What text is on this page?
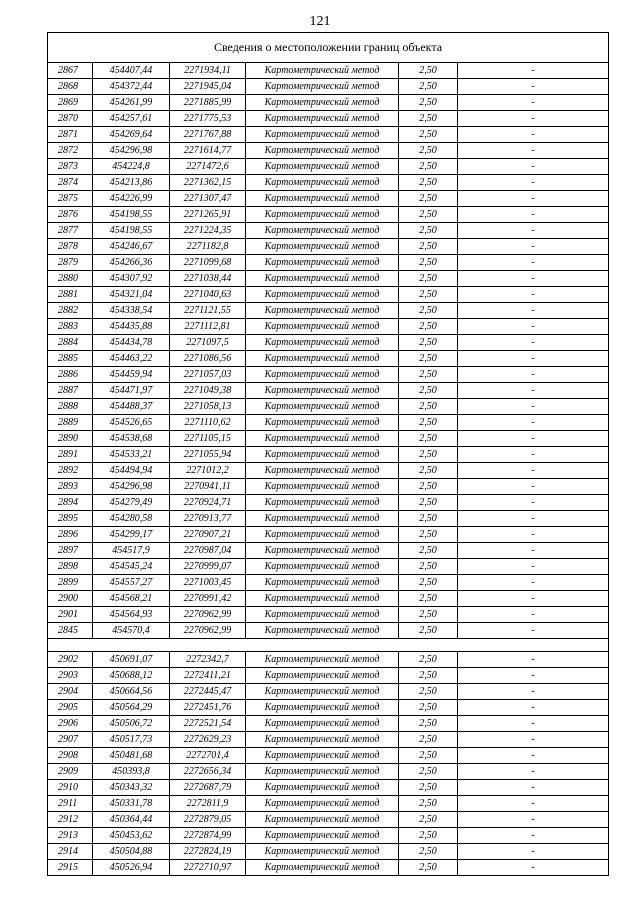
121
Сведения о местоположении границ объекта					
2867	454407,44	2271934,11	Картометрический метод	2,50	-
2868	454372,44	2271945,04	Картометрический метод	2,50	-
2869	454261,99	2271885,99	Картометрический метод	2,50	-
2870	454257,61	2271775,53	Картометрический метод	2,50	-
2871	454269,64	2271767,88	Картометрический метод	2,50	-
2872	454296,98	2271614,77	Картометрический метод	2,50	-
2873	454224,8	2271472,6	Картометрический метод	2,50	-
2874	454213,86	2271362,15	Картометрический метод	2,50	-
2875	454226,99	2271307,47	Картометрический метод	2,50	-
2876	454198,55	2271265,91	Картометрический метод	2,50	-
2877	454198,55	2271224,35	Картометрический метод	2,50	-
2878	454246,67	2271182,8	Картометрический метод	2,50	-
2879	454266,36	2271099,68	Картометрический метод	2,50	-
2880	454307,92	2271038,44	Картометрический метод	2,50	-
2881	454321,04	2271040,63	Картометрический метод	2,50	-
2882	454338,54	2271121,55	Картометрический метод	2,50	-
2883	454435,88	2271112,81	Картометрический метод	2,50	-
2884	454434,78	2271097,5	Картометрический метод	2,50	-
2885	454463,22	2271086,56	Картометрический метод	2,50	-
2886	454459,94	2271057,03	Картометрический метод	2,50	-
2887	454471,97	2271049,38	Картометрический метод	2,50	-
2888	454488,37	2271058,13	Картометрический метод	2,50	-
2889	454526,65	2271110,62	Картометрический метод	2,50	-
2890	454538,68	2271105,15	Картометрический метод	2,50	-
2891	454533,21	2271055,94	Картометрический метод	2,50	-
2892	454494,94	2271012,2	Картометрический метод	2,50	-
2893	454296,98	2270941,11	Картометрический метод	2,50	-
2894	454279,49	2270924,71	Картометрический метод	2,50	-
2895	454280,58	2270913,77	Картометрический метод	2,50	-
2896	454299,17	2270907,21	Картометрический метод	2,50	-
2897	454517,9	2270987,04	Картометрический метод	2,50	-
2898	454545,24	2270999,07	Картометрический метод	2,50	-
2899	454557,27	2271003,45	Картометрический метод	2,50	-
2900	454568,21	2270991,42	Картометрический метод	2,50	-
2901	454564,93	2270962,99	Картометрический метод	2,50	-
2845	454570,4	2270962,99	Картометрический метод	2,50	-

2902	450691,07	2272342,7	Картометрический метод	2,50	-
2903	450688,12	2272411,21	Картометрический метод	2,50	-
2904	450664,56	2272445,47	Картометрический метод	2,50	-
2905	450564,29	2272451,76	Картометрический метод	2,50	-
2906	450506,72	2272521,54	Картометрический метод	2,50	-
2907	450517,73	2272629,23	Картометрический метод	2,50	-
2908	450481,68	2272701,4	Картометрический метод	2,50	-
2909	450393,8	2272656,34	Картометрический метод	2,50	-
2910	450343,32	2272687,79	Картометрический метод	2,50	-
2911	450331,78	2272811,9	Картометрический метод	2,50	-
2912	450364,44	2272879,05	Картометрический метод	2,50	-
2913	450453,62	2272874,99	Картометрический метод	2,50	-
2914	450504,88	2272824,19	Картометрический метод	2,50	-
2915	450526,94	2272710,97	Картометрический метод	2,50	-
